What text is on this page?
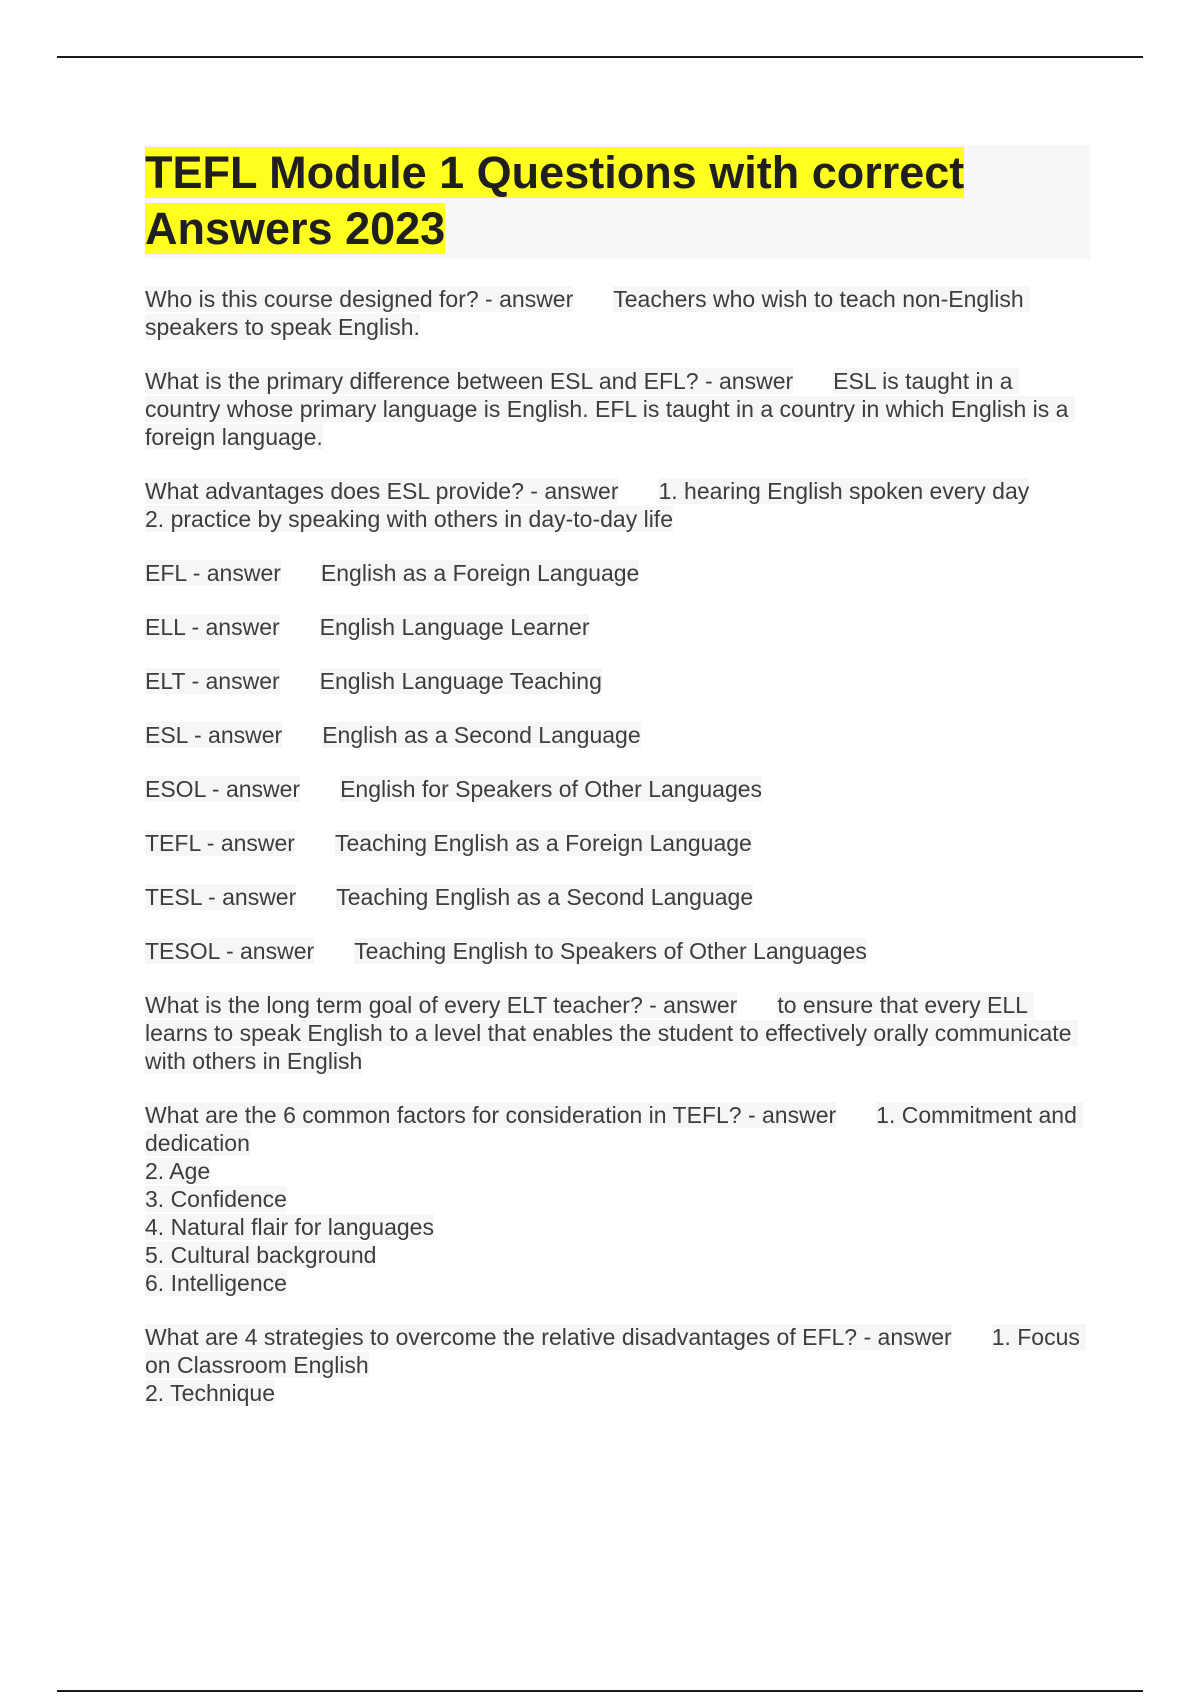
TEFL Module 1 Questions with correct Answers 2023

Who is this course designed for? - answer Teachers who wish to teach non-English speakers to speak English.

What is the primary difference between ESL and EFL? - answer ESL is taught in a country whose primary language is English. EFL is taught in a country in which English is a foreign language.

What advantages does ESL provide? - answer 1. hearing English spoken every day
2. practice by speaking with others in day-to-day life

EFL - answer English as a Foreign Language

ELL - answer English Language Learner

ELT - answer English Language Teaching

ESL - answer English as a Second Language

ESOL - answer English for Speakers of Other Languages

TEFL - answer Teaching English as a Foreign Language

TESL - answer Teaching English as a Second Language

TESOL - answer Teaching English to Speakers of Other Languages

What is the long term goal of every ELT teacher? - answer to ensure that every ELL learns to speak English to a level that enables the student to effectively orally communicate with others in English

What are the 6 common factors for consideration in TEFL? - answer 1. Commitment and dedication
2. Age
3. Confidence
4. Natural flair for languages
5. Cultural background
6. Intelligence

What are 4 strategies to overcome the relative disadvantages of EFL? - answer 1. Focus on Classroom English
2. Technique
